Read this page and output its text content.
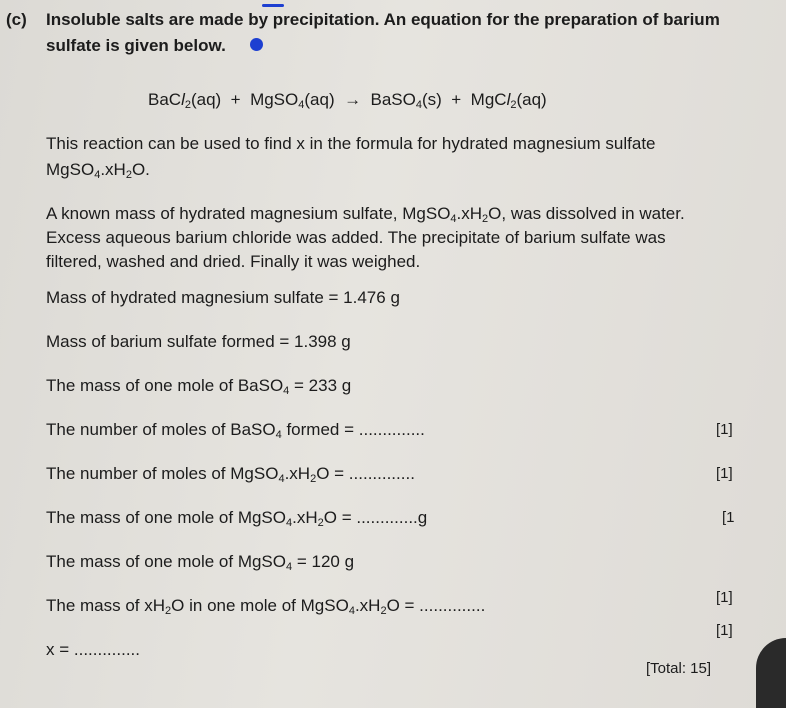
(c) Insoluble salts are made by precipitation. An equation for the preparation of barium
sulfate is given below.
BaCl$_2$(aq) + MgSO$_4$(aq) → BaSO$_4$(s) + MgCl$_2$(aq)
This reaction can be used to find x in the formula for hydrated magnesium sulfate
$MgSO_4.xH_2O$.
A known mass of hydrated magnesium sulfate, $MgSO_4.xH_2O$, was dissolved in water.
Excess aqueous barium chloride was added. The precipitate of barium sulfate was
filtered, washed and dried. Finally it was weighed.
Mass of hydrated magnesium sulfate = 1.476 g
Mass of barium sulfate formed = 1.398 g
The mass of one mole of BaSO$_4$ = 233 g
The number of moles of BaSO$_4$ formed = ..............	[1]
The number of moles of $MgSO_4.xH_2O$ = ..............	[1]
The mass of one mole of $MgSO_4.xH_2O = .............g$	[1
The mass of one mole of MgSO$_4$ = 120 g
The mass of $xH_2O$ in one mole of $MgSO_4.xH_2O$ = ..............	[1]
x = ..............
[1]
[Total: 15]
